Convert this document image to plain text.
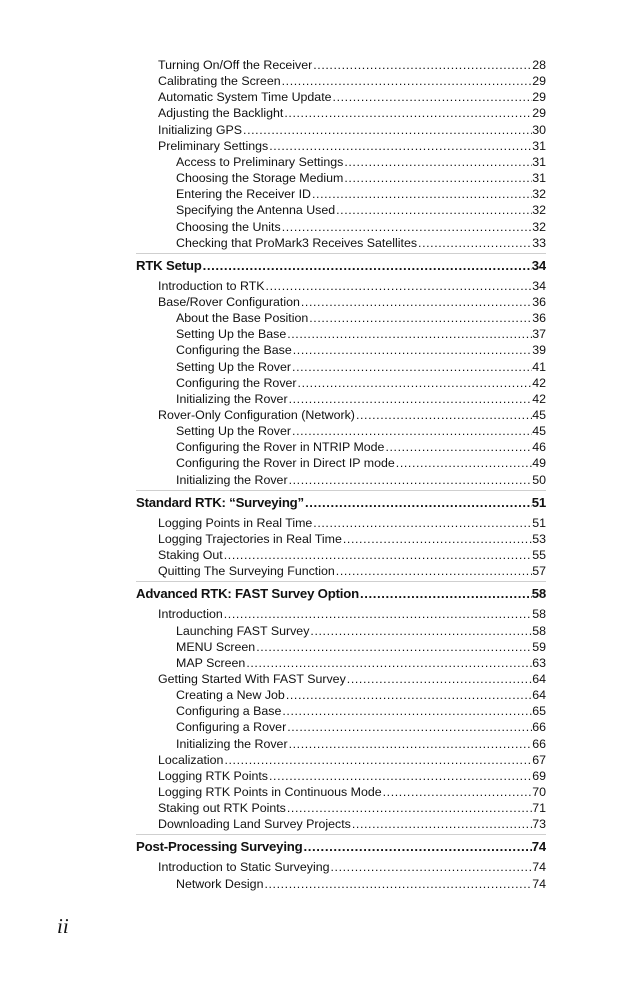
Turning On/Off the Receiver .....	28
Calibrating the Screen .....	29
Automatic System Time Update .....	29
Adjusting the Backlight .....	29
Initializing GPS .....	30
Preliminary Settings .....	31
Access to Preliminary Settings .....	31
Choosing the Storage Medium .....	31
Entering the Receiver ID .....	32
Specifying the Antenna Used .....	32
Choosing the Units .....	32
Checking that ProMark3 Receives Satellites .....	33
RTK Setup .....	34
Introduction to RTK .....	34
Base/Rover Configuration .....	36
About the Base Position .....	36
Setting Up the Base .....	37
Configuring the Base .....	39
Setting Up the Rover .....	41
Configuring the Rover .....	42
Initializing the Rover .....	42
Rover-Only Configuration (Network) .....	45
Setting Up the Rover .....	45
Configuring the Rover in NTRIP Mode .....	46
Configuring the Rover in Direct IP mode .....	49
Initializing the Rover .....	50
Standard RTK: “Surveying” .....	51
Logging Points in Real Time .....	51
Logging Trajectories in Real Time .....	53
Staking Out .....	55
Quitting The Surveying Function .....	57
Advanced RTK: FAST Survey Option .....	58
Introduction .....	58
Launching FAST Survey .....	58
MENU Screen .....	59
MAP Screen .....	63
Getting Started With FAST Survey .....	64
Creating a New Job .....	64
Configuring a Base .....	65
Configuring a Rover .....	66
Initializing the Rover .....	66
Localization .....	67
Logging RTK Points .....	69
Logging RTK Points in Continuous Mode .....	70
Staking out RTK Points .....	71
Downloading Land Survey Projects .....	73
Post-Processing Surveying .....	74
Introduction to Static Surveying .....	74
Network Design .....	74
ii
